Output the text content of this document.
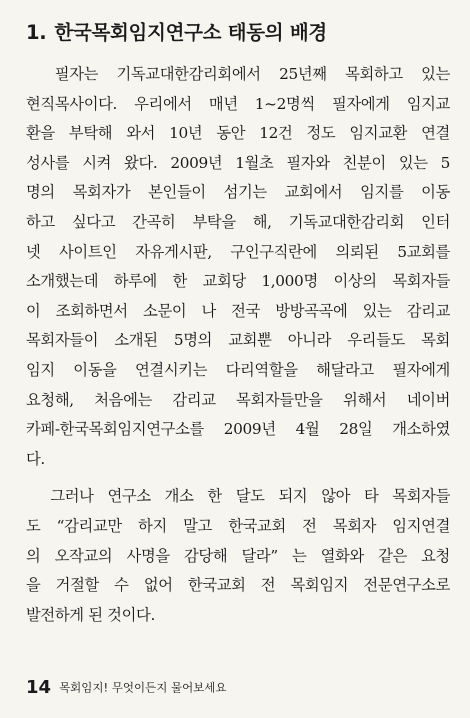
1. 한국목회임지연구소 태동의 배경
　필자는 기독교대한감리회에서 25년째 목회하고 있는
현직목사이다. 우리에서 매년 1~2명씩 필자에게 임지교
환을 부탁해 와서 10년 동안 12건 정도 임지교환 연결
성사를 시켜 왔다. 2009년 1월초 필자와 친분이 있는 5
명의 목회자가 본인들이 섬기는 교회에서 임지를 이동
하고 싶다고 간곡히 부탁을 해, 기독교대한감리회 인터
넷 사이트인 자유게시판, 구인구직란에 의뢰된 5교회를
소개했는데 하루에 한 교회당 1,000명 이상의 목회자들
이 조회하면서 소문이 나 전국 방방곡곡에 있는 감리교
목회자들이 소개된 5명의 교회뿐 아니라 우리들도 목회
임지 이동을 연결시키는 다리역할을 해달라고 필자에게
요청해, 처음에는 감리교 목회자들만을 위해서 네이버
카페-한국목회임지연구소를 2009년 4월 28일 개소하였
다.
　그러나 연구소 개소 한 달도 되지 않아 타 목회자들
도 “감리교만 하지 말고 한국교회 전 목회자 임지연결
의 오작교의 사명을 감당해 달라” 는 열화와 같은 요청
을 거절할 수 없어 한국교회 전 목회임지 전문연구소로
발전하게 된 것이다.
14 목회임지! 무엇이든지 물어보세요
